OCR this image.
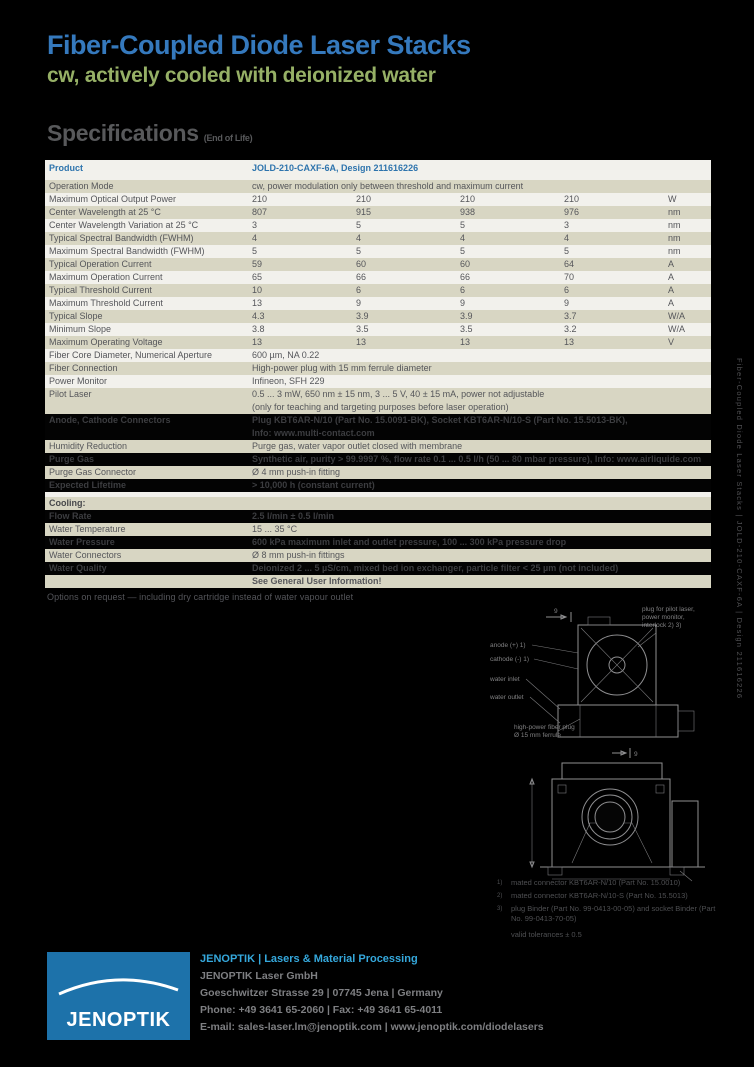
Fiber-Coupled Diode Laser Stacks
cw, actively cooled with deionized water
Specifications (End of Life)
Product	JOLD-210-CAXF-6A, Design 211616226
Operation Mode	cw, power modulation only between threshold and maximum current
Maximum Optical Output Power	210	210	210	210	W
Center Wavelength at 25 °C	807	915	938	976	nm
Center Wavelength Variation at 25 °C	3	5	5	3	nm
Typical Spectral Bandwidth (FWHM)	4	4	4	4	nm
Maximum Spectral Bandwidth (FWHM)	5	5	5	5	nm
Typical Operation Current	59	60	60	64	A
Maximum Operation Current	65	66	66	70	A
Typical Threshold Current	10	6	6	6	A
Maximum Threshold Current	13	9	9	9	A
Typical Slope	4.3	3.9	3.9	3.7	W/A
Minimum Slope	3.8	3.5	3.5	3.2	W/A
Maximum Operating Voltage	13	13	13	13	V
Fiber Core Diameter, Numerical Aperture	600 µm, NA 0.22
Fiber Connection	High-power plug with 15 mm ferrule diameter
Power Monitor	Infineon, SFH 229
Pilot Laser	0.5 ... 3 mW, 650 nm ± 15 nm, 3 ... 5 V, 40 ± 15 mA, power not adjustable
(only for teaching and targeting purposes before laser operation)
Anode, Cathode Connectors	Plug KBT6AR-N/10 (Part No. 15.0091-BK), Socket KBT6AR-N/10-S (Part No. 15.5013-BK),
Info: www.multi-contact.com
Humidity Reduction	Purge gas, water vapor outlet closed with membrane
Purge Gas	Synthetic air, purity > 99.9997 %, flow rate 0.1 ... 0.5 l/h (50 ... 80 mbar pressure), Info: www.airliquide.com
Purge Gas Connector	Ø 4 mm push-in fitting
Expected Lifetime	> 10,000 h (constant current)
Cooling:
Flow Rate	2.5 l/min ± 0.5 l/min
Water Temperature	15 ... 35 °C
Water Pressure	600 kPa maximum inlet and outlet pressure, 100 ... 300 kPa pressure drop
Water Connectors	Ø 8 mm push-in fittings
Water Quality	Deionized 2 ... 5 µS/cm, mixed bed ion exchanger, particle filter < 25 µm (not included)
See General User Information!
Options on request — including dry cartridge instead of water vapour outlet
anode (+) 1)
cathode (-) 1)
water inlet
water outlet
high-power fiber plug
Ø 15 mm ferrule
plug for pilot laser,
power monitor,
interlock 2) 3)
9
9
1)	mated connector KBT6AR-N/10 (Part No. 15.0010)
2)	mated connector KBT6AR-N/10-S (Part No. 15.5013)
3)	plug Binder (Part No. 99-0413-00-05) and socket Binder (Part No. 99-0413-70-05)
valid tolerances ± 0.5
Fiber-Coupled Diode Laser Stacks | JOLD-210-CAXF-6A | Design 211616226
JENOPTIK
JENOPTIK | Lasers & Material Processing
JENOPTIK Laser GmbH
Goeschwitzer Strasse 29 | 07745 Jena | Germany
Phone: +49 3641 65-2060 | Fax: +49 3641 65-4011
E-mail: sales-laser.lm@jenoptik.com | www.jenoptik.com/diodelasers
